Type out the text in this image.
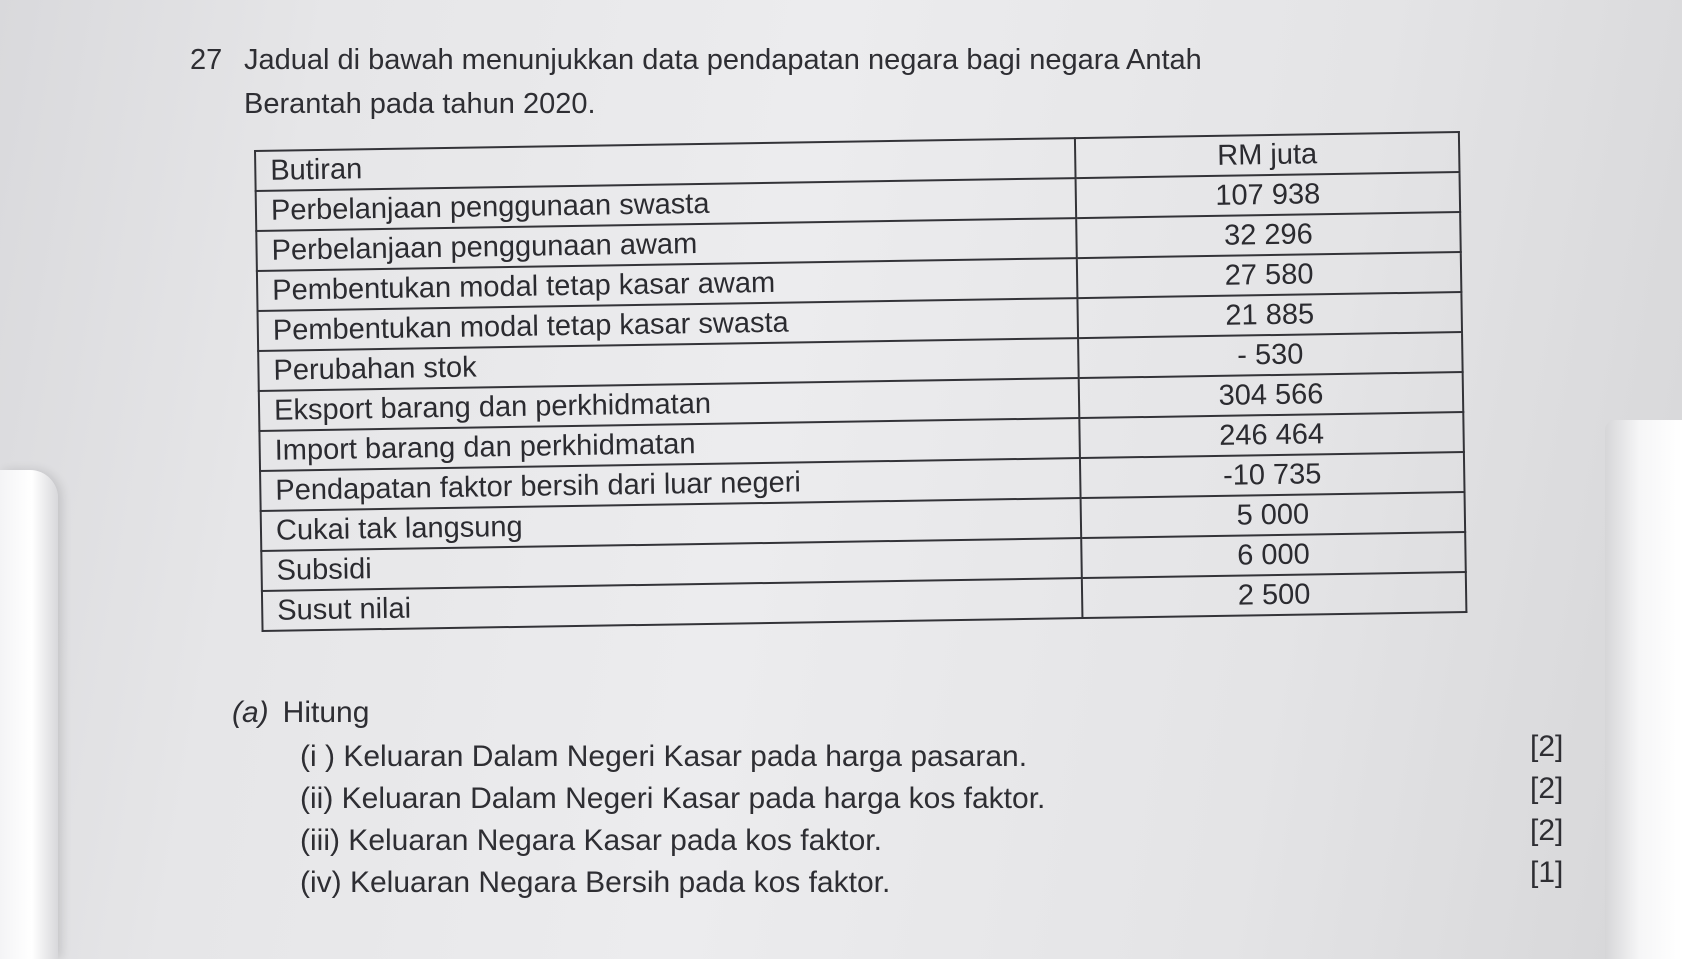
27 Jadual di bawah menunjukkan data pendapatan negara bagi negara Antah
Berantah pada tahun 2020.
Butiran	RM juta
Perbelanjaan penggunaan swasta	107 938
Perbelanjaan penggunaan awam	32 296
Pembentukan modal tetap kasar awam	27 580
Pembentukan modal tetap kasar swasta	21 885
Perubahan stok	- 530
Eksport barang dan perkhidmatan	304 566
Import barang dan perkhidmatan	246 464
Pendapatan faktor bersih dari luar negeri	-10 735
Cukai tak langsung	5 000
Subsidi	6 000
Susut nilai	2 500
(a) Hitung
(i ) Keluaran Dalam Negeri Kasar pada harga pasaran.	[2]
(ii) Keluaran Dalam Negeri Kasar pada harga kos faktor.	[2]
(iii) Keluaran Negara Kasar pada kos faktor.	[2]
(iv) Keluaran Negara Bersih pada kos faktor.	[1]
